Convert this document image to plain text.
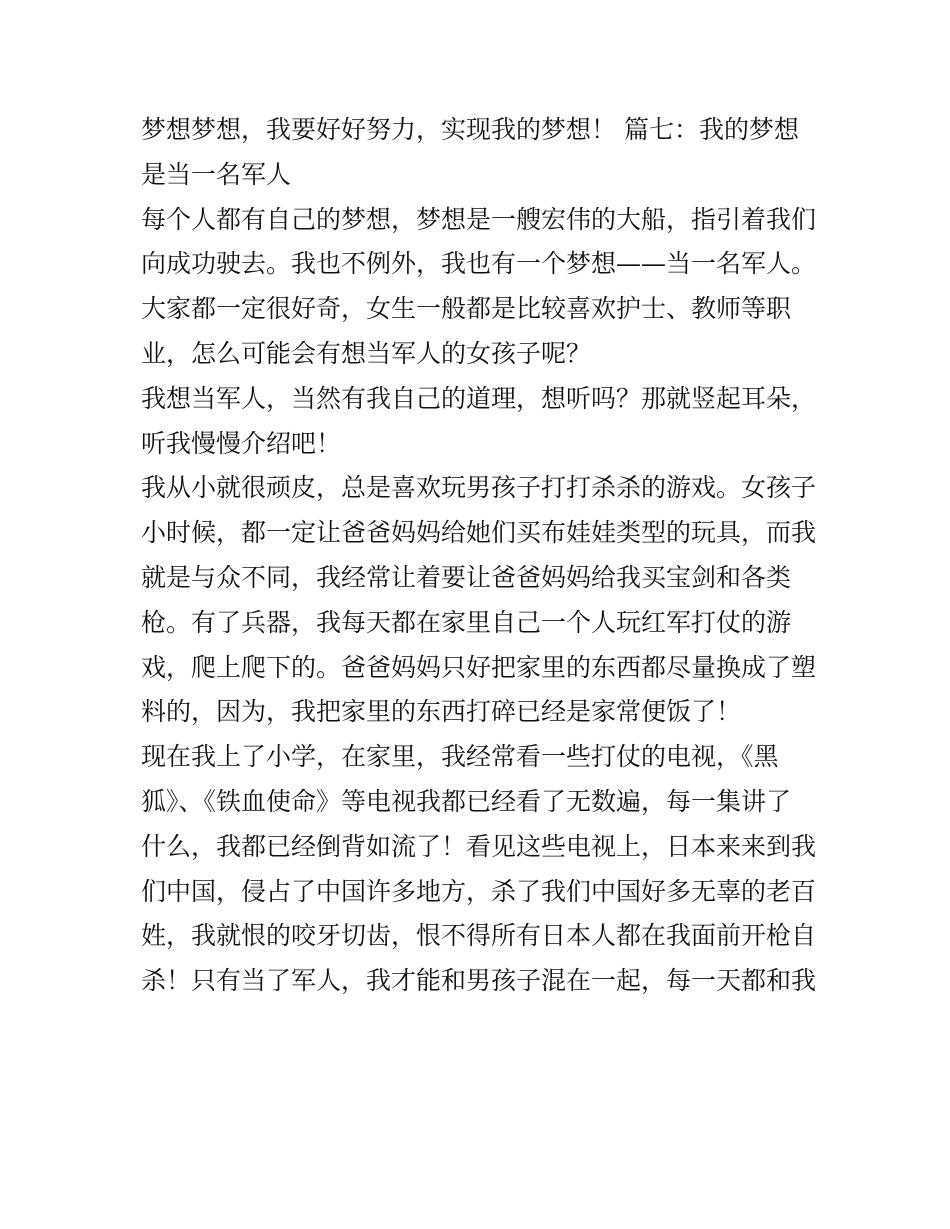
梦想梦想，我要好好努力，实现我的梦想！ 篇七：我的梦想
是当一名军人
每个人都有自己的梦想，梦想是一艘宏伟的大船，指引着我们
向成功驶去。我也不例外，我也有一个梦想——当一名军人。
大家都一定很好奇，女生一般都是比较喜欢护士、教师等职
业，怎么可能会有想当军人的女孩子呢？
我想当军人，当然有我自己的道理，想听吗？那就竖起耳朵，
听我慢慢介绍吧！
我从小就很顽皮，总是喜欢玩男孩子打打杀杀的游戏。女孩子
小时候，都一定让爸爸妈妈给她们买布娃娃类型的玩具，而我
就是与众不同，我经常让着要让爸爸妈妈给我买宝剑和各类
枪。有了兵器，我每天都在家里自己一个人玩红军打仗的游
戏，爬上爬下的。爸爸妈妈只好把家里的东西都尽量换成了塑
料的，因为，我把家里的东西打碎已经是家常便饭了！
现在我上了小学，在家里，我经常看一些打仗的电视，《黑
狐》、《铁血使命》等电视我都已经看了无数遍，每一集讲了
什么，我都已经倒背如流了！看见这些电视上，日本来来到我
们中国，侵占了中国许多地方，杀了我们中国好多无辜的老百
姓，我就恨的咬牙切齿，恨不得所有日本人都在我面前开枪自
杀！只有当了军人，我才能和男孩子混在一起，每一天都和我
